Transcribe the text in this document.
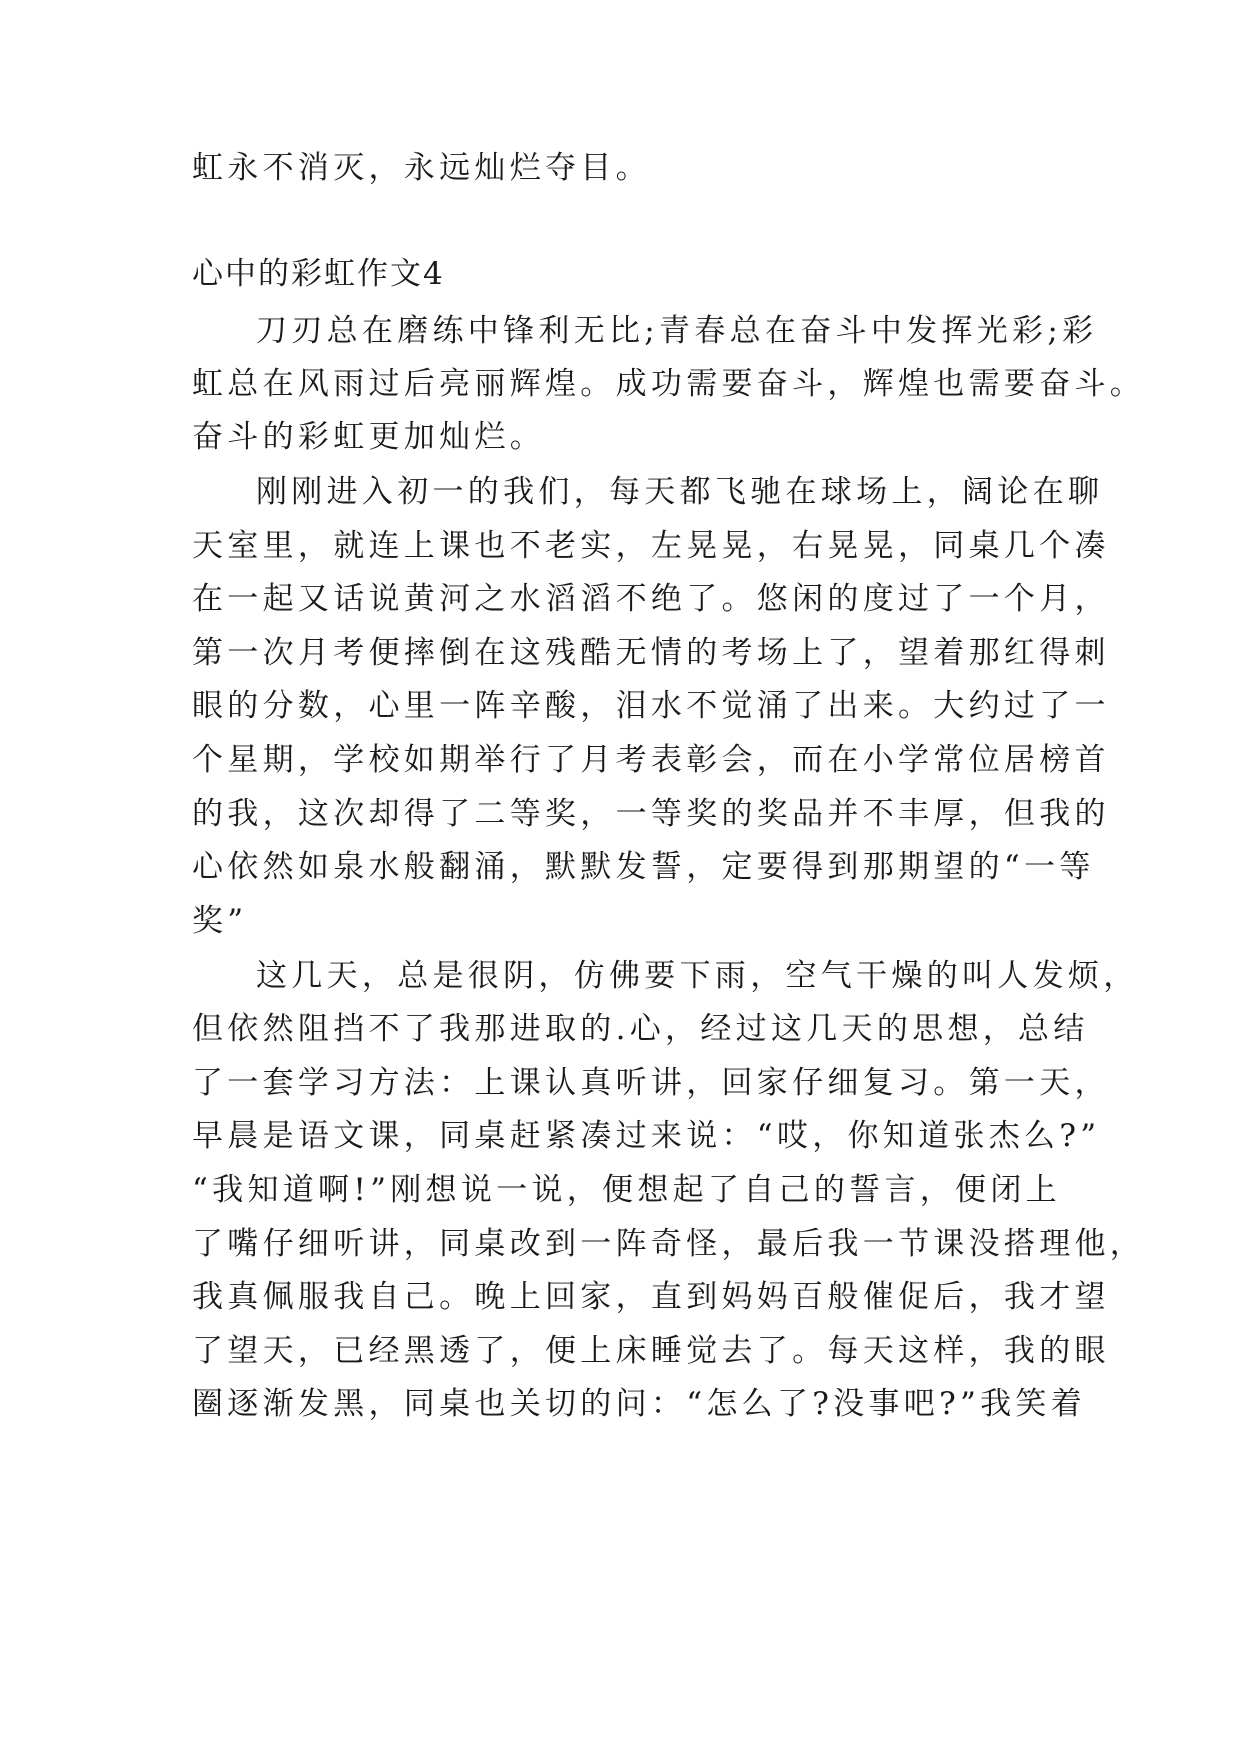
虹永不消灭，永远灿烂夺目。
心中的彩虹作文4
刀刃总在磨练中锋利无比;青春总在奋斗中发挥光彩;彩
虹总在风雨过后亮丽辉煌。成功需要奋斗，辉煌也需要奋斗。
奋斗的彩虹更加灿烂。
刚刚进入初一的我们，每天都飞驰在球场上，阔论在聊
天室里，就连上课也不老实，左晃晃，右晃晃，同桌几个凑
在一起又话说黄河之水滔滔不绝了。悠闲的度过了一个月，
第一次月考便摔倒在这残酷无情的考场上了，望着那红得刺
眼的分数，心里一阵辛酸，泪水不觉涌了出来。大约过了一
个星期，学校如期举行了月考表彰会，而在小学常位居榜首
的我，这次却得了二等奖，一等奖的奖品并不丰厚，但我的
心依然如泉水般翻涌，默默发誓，定要得到那期望的“一等
奖”
这几天，总是很阴，仿佛要下雨，空气干燥的叫人发烦，
但依然阻挡不了我那进取的.心，经过这几天的思想，总结
了一套学习方法：上课认真听讲，回家仔细复习。第一天，
早晨是语文课，同桌赶紧凑过来说：“哎，你知道张杰么?”
“我知道啊!”刚想说一说，便想起了自己的誓言，便闭上
了嘴仔细听讲，同桌改到一阵奇怪，最后我一节课没搭理他，
我真佩服我自己。晚上回家，直到妈妈百般催促后，我才望
了望天，已经黑透了，便上床睡觉去了。每天这样，我的眼
圈逐渐发黑，同桌也关切的问：“怎么了?没事吧?”我笑着
